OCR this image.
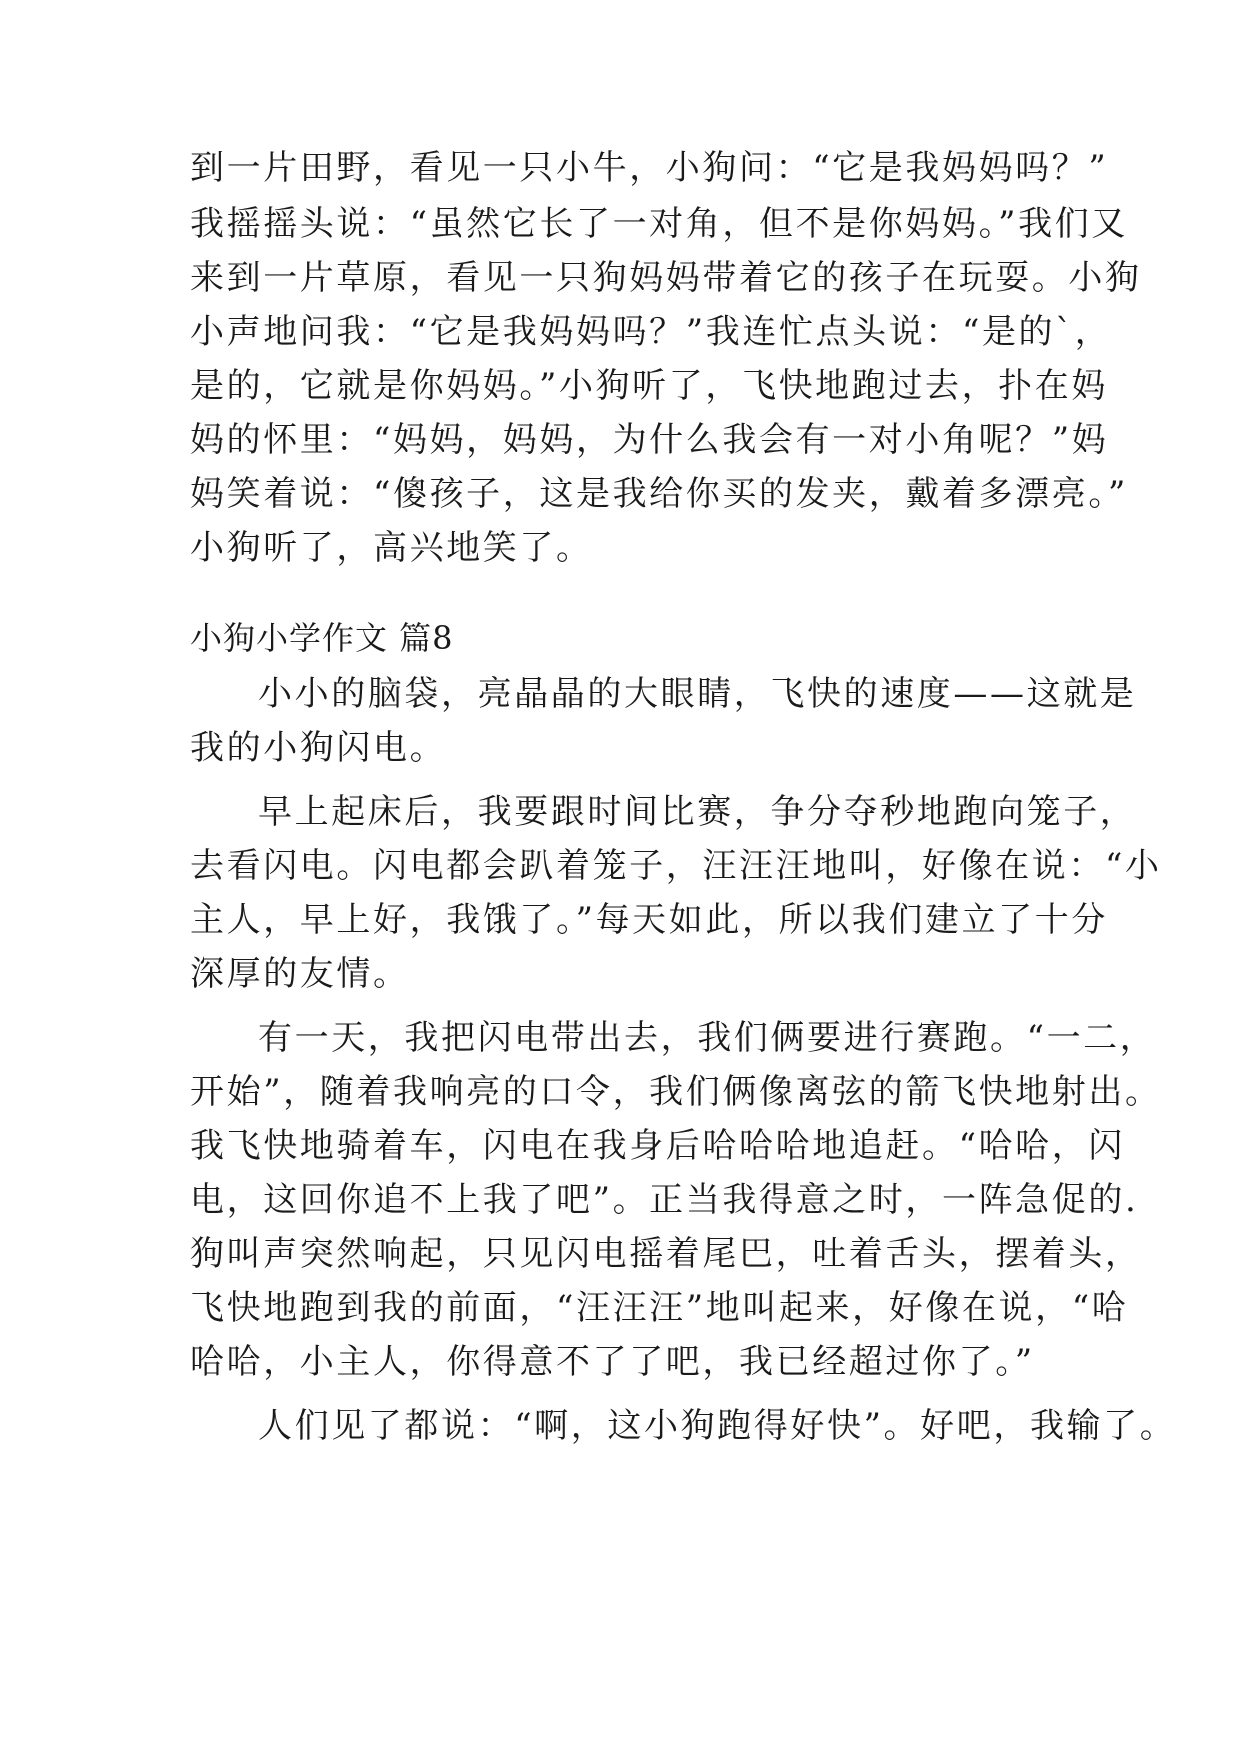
到一片田野，看见一只小牛，小狗问：“它是我妈妈吗？”
我摇摇头说：“虽然它长了一对角，但不是你妈妈。”我们又
来到一片草原，看见一只狗妈妈带着它的孩子在玩耍。小狗
小声地问我：“它是我妈妈吗？”我连忙点头说：“是的`，
是的，它就是你妈妈。”小狗听了，飞快地跑过去，扑在妈
妈的怀里：“妈妈，妈妈，为什么我会有一对小角呢？”妈
妈笑着说：“傻孩子，这是我给你买的发夹，戴着多漂亮。”
小狗听了，高兴地笑了。
小狗小学作文 篇8
小小的脑袋，亮晶晶的大眼睛，飞快的速度——这就是
我的小狗闪电。
早上起床后，我要跟时间比赛，争分夺秒地跑向笼子，
去看闪电。闪电都会趴着笼子，汪汪汪地叫，好像在说：“小
主人，早上好，我饿了。”每天如此，所以我们建立了十分
深厚的友情。
有一天，我把闪电带出去，我们俩要进行赛跑。“一二，
开始”，随着我响亮的口令，我们俩像离弦的箭飞快地射出。
我飞快地骑着车，闪电在我身后哈哈哈地追赶。“哈哈，闪
电，这回你追不上我了吧”。正当我得意之时，一阵急促的.
狗叫声突然响起，只见闪电摇着尾巴，吐着舌头，摆着头，
飞快地跑到我的前面，“汪汪汪”地叫起来，好像在说，“哈
哈哈，小主人，你得意不了了吧，我已经超过你了。”
人们见了都说：“啊，这小狗跑得好快”。好吧，我输了。
